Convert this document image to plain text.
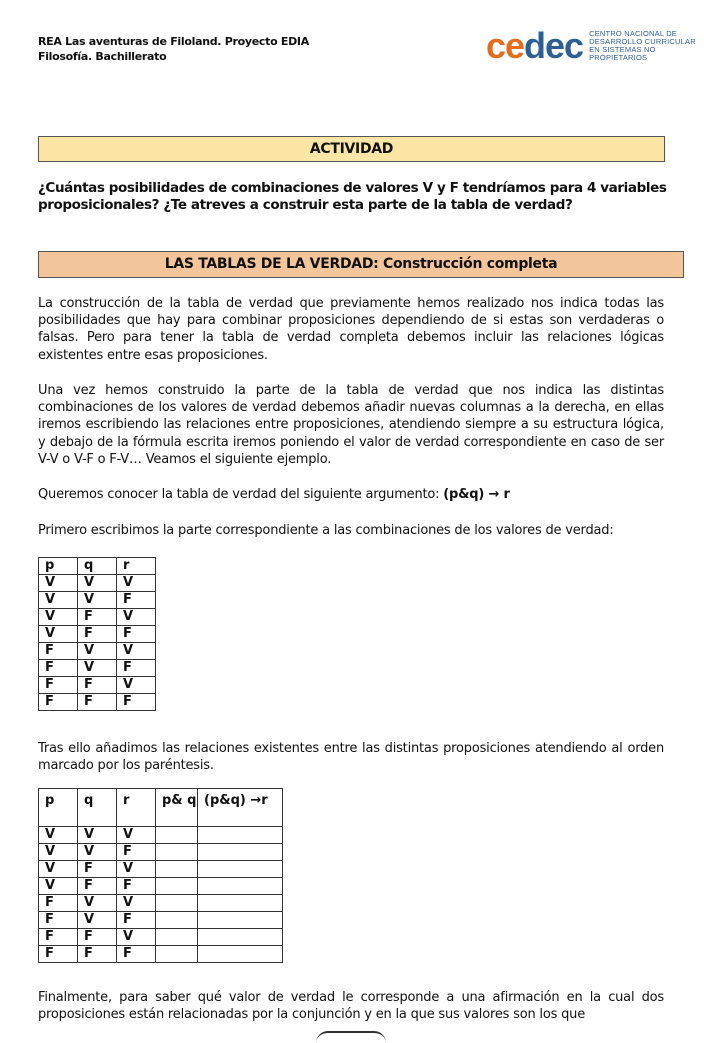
REA Las aventuras de Filoland. Proyecto EDIA
Filosofía. Bachillerato	cedec CENTRO NACIONAL DE
DESARROLLO CURRICULAR
EN SISTEMAS NO PROPIETARIOS
ACTIVIDAD
¿Cuántas posibilidades de combinaciones de valores V y F tendríamos para 4 variables proposicionales? ¿Te atreves a construir esta parte de la tabla de verdad?
LAS TABLAS DE LA VERDAD: Construcción completa
La construcción de la tabla de verdad que previamente hemos realizado nos indica todas las posibilidades que hay para combinar proposiciones dependiendo de si estas son verdaderas o falsas. Pero para tener la tabla de verdad completa debemos incluir las relaciones lógicas existentes entre esas proposiciones.
Una vez hemos construido la parte de la tabla de verdad que nos indica las distintas combinaciones de los valores de verdad debemos añadir nuevas columnas a la derecha, en ellas iremos escribiendo las relaciones entre proposiciones, atendiendo siempre a su estructura lógica, y debajo de la fórmula escrita iremos poniendo el valor de verdad correspondiente en caso de ser V-V o V-F o F-V… Veamos el siguiente ejemplo.
Queremos conocer la tabla de verdad del siguiente argumento: (p&q) → r
Primero escribimos la parte correspondiente a las combinaciones de los valores de verdad:
p	q	r
V	V	V
V	V	F
V	F	V
V	F	F
F	V	V
F	V	F
F	F	V
F	F	F
Tras ello añadimos las relaciones existentes entre las distintas proposiciones atendiendo al orden marcado por los paréntesis.
p	q	r	p& q	(p&q) →r
V	V	V		
V	V	F		
V	F	V		
V	F	F		
F	V	V		
F	V	F		
F	F	V		
F	F	F		
Finalmente, para saber qué valor de verdad le corresponde a una afirmación en la cual dos proposiciones están relacionadas por la conjunción y en la que sus valores son los que
